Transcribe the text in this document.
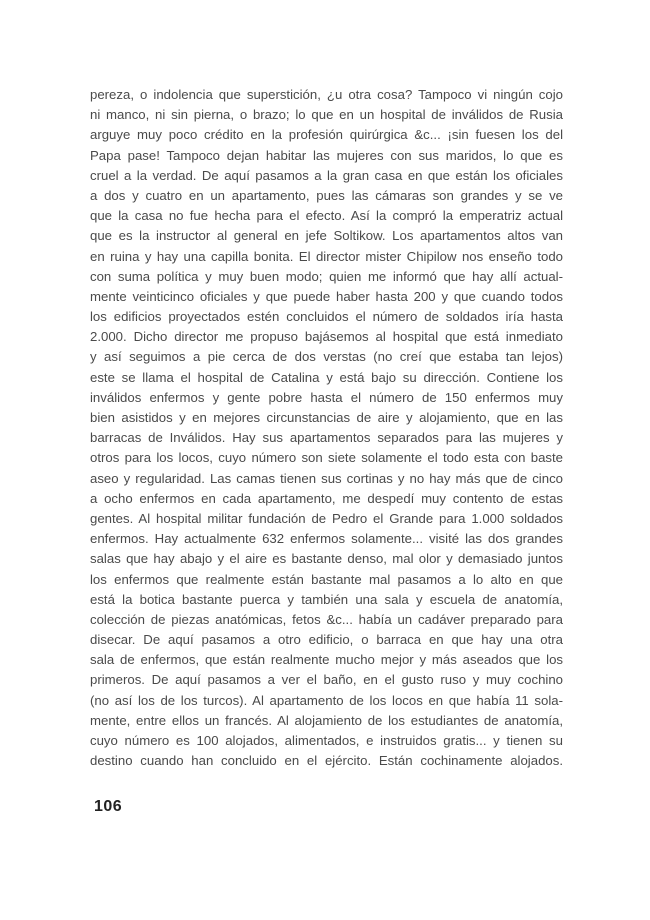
pereza, o indolencia que superstición, ¿u otra cosa? Tampoco vi ningún cojo
ni manco, ni sin pierna, o brazo; lo que en un hospital de inválidos de Rusia
arguye muy poco crédito en la profesión quirúrgica &c... ¡sin fuesen los del
Papa pase! Tampoco dejan habitar las mujeres con sus maridos, lo que es
cruel a la verdad. De aquí pasamos a la gran casa en que están los oficiales
a dos y cuatro en un apartamento, pues las cámaras son grandes y se ve
que la casa no fue hecha para el efecto. Así la compró la emperatriz actual
que es la instructor al general en jefe Soltikow. Los apartamentos altos van
en ruina y hay una capilla bonita. El director mister Chipilow nos enseño todo
con suma política y muy buen modo; quien me informó que hay allí actual-
mente veinticinco oficiales y que puede haber hasta 200 y que cuando todos
los edificios proyectados estén concluidos el número de soldados iría hasta
2.000. Dicho director me propuso bajásemos al hospital que está inmediato
y así seguimos a pie cerca de dos verstas (no creí que estaba tan lejos)
este se llama el hospital de Catalina y está bajo su dirección. Contiene los
inválidos enfermos y gente pobre hasta el número de 150 enfermos muy
bien asistidos y en mejores circunstancias de aire y alojamiento, que en las
barracas de Inválidos. Hay sus apartamentos separados para las mujeres y
otros para los locos, cuyo número son siete solamente el todo esta con baste
aseo y regularidad. Las camas tienen sus cortinas y no hay más que de cinco
a ocho enfermos en cada apartamento, me despedí muy contento de estas
gentes. Al hospital militar fundación de Pedro el Grande para 1.000 soldados
enfermos. Hay actualmente 632 enfermos solamente... visité las dos grandes
salas que hay abajo y el aire es bastante denso, mal olor y demasiado juntos
los enfermos que realmente están bastante mal pasamos a lo alto en que
está la botica bastante puerca y también una sala y escuela de anatomía,
colección de piezas anatómicas, fetos &c... había un cadáver preparado para
disecar. De aquí pasamos a otro edificio, o barraca en que hay una otra
sala de enfermos, que están realmente mucho mejor y más aseados que los
primeros. De aquí pasamos a ver el baño, en el gusto ruso y muy cochino
(no así los de los turcos). Al apartamento de los locos en que había 11 sola-
mente, entre ellos un francés. Al alojamiento de los estudiantes de anatomía,
cuyo número es 100 alojados, alimentados, e instruidos gratis... y tienen su
destino cuando han concluido en el ejército. Están cochinamente alojados.
106
